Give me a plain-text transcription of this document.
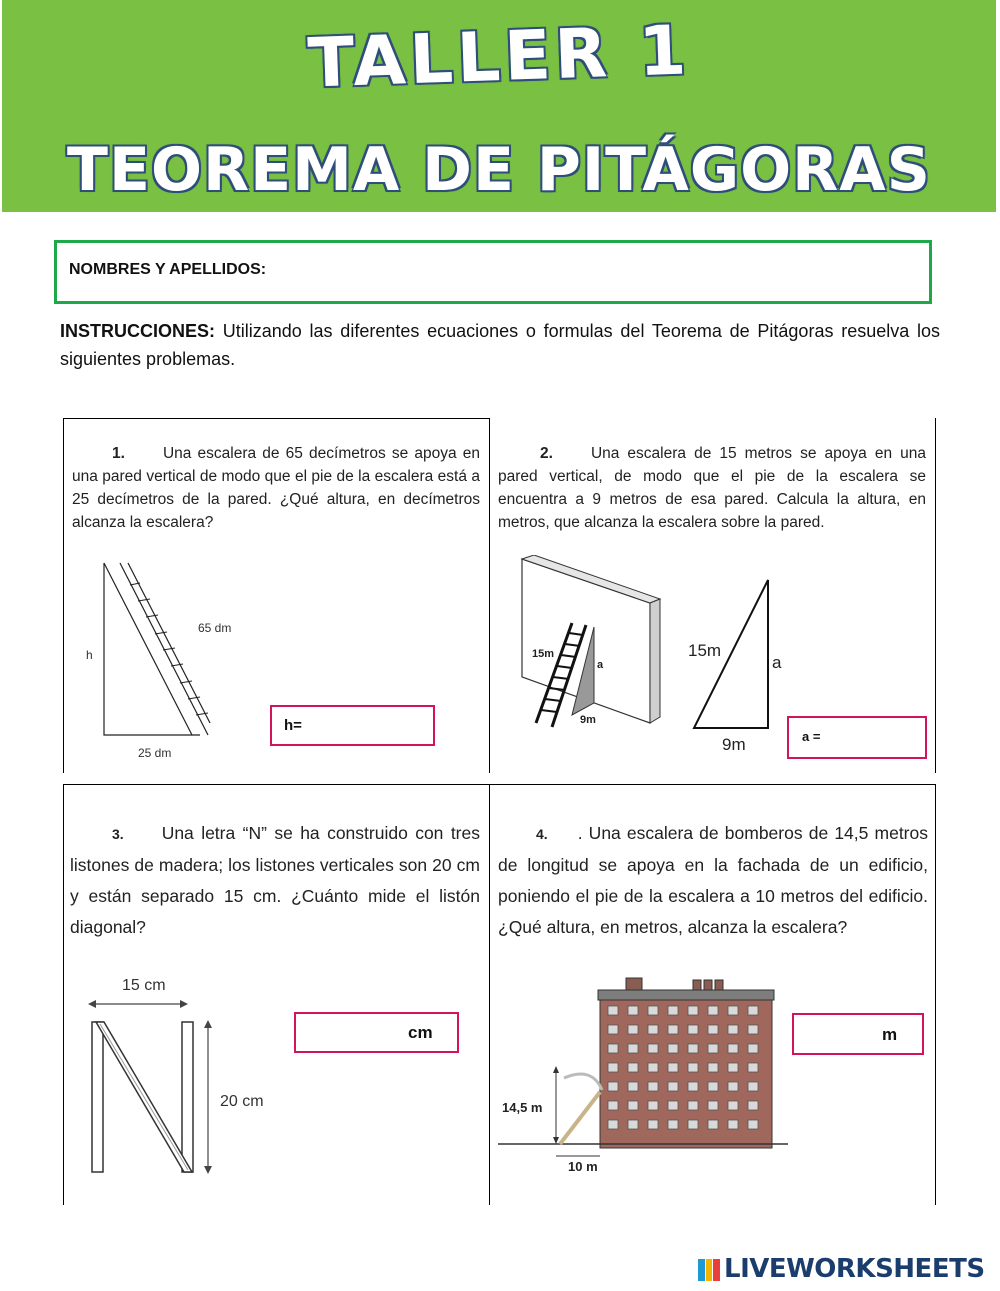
TALLER 1
TEOREMA DE PITÁGORAS
NOMBRES Y APELLIDOS:
INSTRUCCIONES: Utilizando las diferentes ecuaciones o formulas del Teorema de Pitágoras resuelva los siguientes problemas.
1. Una escalera de 65 decímetros se apoya en una pared vertical de modo que el pie de la escalera está a 25 decímetros de la pared. ¿Qué altura, en decímetros alcanza la escalera?
65 dm
h
25 dm
h=
2. Una escalera de 15 metros se apoya en una pared vertical, de modo que el pie de la escalera se encuentra a 9 metros de esa pared. Calcula la altura, en metros, que alcanza la escalera sobre la pared.
15m
a
9m
15m
a
9m	a =
3. Una letra “N” se ha construido con tres listones de madera; los listones verticales son 20 cm y están separado 15 cm. ¿Cuánto mide el listón diagonal?
15 cm
20 cm
cm
4. . Una escalera de bomberos de 14,5 metros de longitud se apoya en la fachada de un edificio, poniendo el pie de la escalera a 10 metros del edificio. ¿Qué altura, en metros, alcanza la escalera?
14,5 m
10 m
m
LIVEWORKSHEETS
